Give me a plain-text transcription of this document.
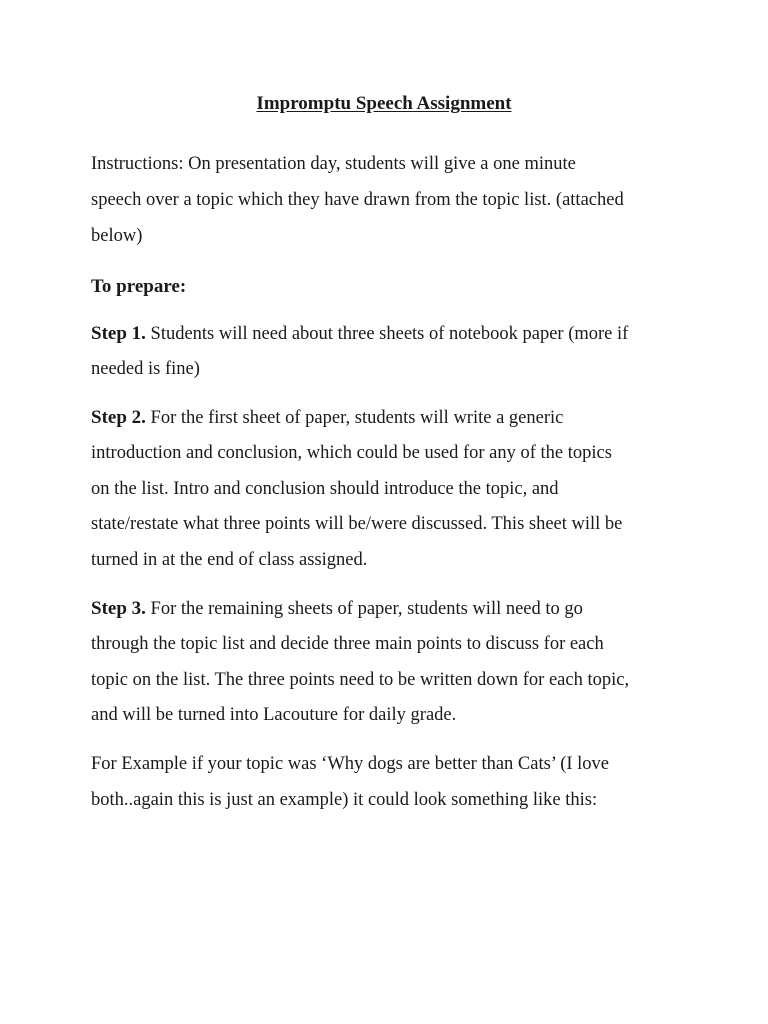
Impromptu Speech Assignment
Instructions: On presentation day, students will give a one minute
speech over a topic which they have drawn from the topic list. (attached
below)
To prepare:
Step 1. Students will need about three sheets of notebook paper (more if
needed is fine)
Step 2. For the first sheet of paper, students will write a generic
introduction and conclusion, which could be used for any of the topics
on the list. Intro and conclusion should introduce the topic, and
state/restate what three points will be/were discussed. This sheet will be
turned in at the end of class assigned.
Step 3. For the remaining sheets of paper, students will need to go
through the topic list and decide three main points to discuss for each
topic on the list. The three points need to be written down for each topic,
and will be turned into Lacouture for daily grade.
For Example if your topic was ‘Why dogs are better than Cats’ (I love
both..again this is just an example) it could look something like this:
